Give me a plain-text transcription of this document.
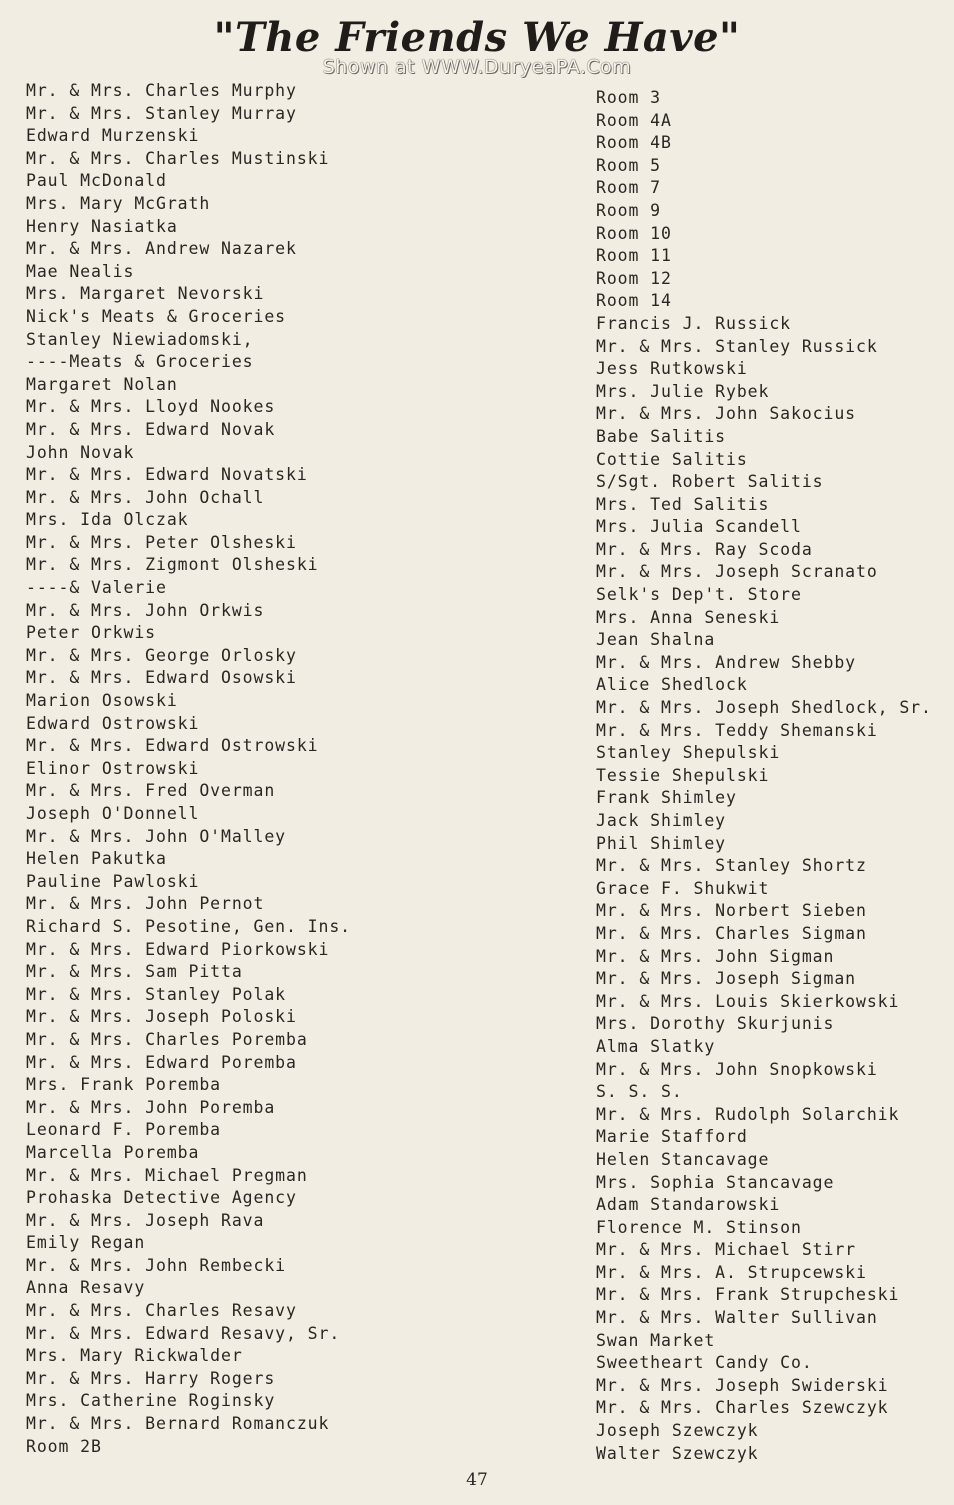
"The Friends We Have"
Shown at WWW.DuryeaPA.Com
Mr. & Mrs. Charles Murphy
Mr. & Mrs. Stanley Murray
Edward Murzenski
Mr. & Mrs. Charles Mustinski
Paul McDonald
Mrs. Mary McGrath
Henry Nasiatka
Mr. & Mrs. Andrew Nazarek
Mae Nealis
Mrs. Margaret Nevorski
Nick's Meats & Groceries
Stanley Niewiadomski,
----Meats & Groceries
Margaret Nolan
Mr. & Mrs. Lloyd Nookes
Mr. & Mrs. Edward Novak
John Novak
Mr. & Mrs. Edward Novatski
Mr. & Mrs. John Ochall
Mrs. Ida Olczak
Mr. & Mrs. Peter Olsheski
Mr. & Mrs. Zigmont Olsheski
----& Valerie
Mr. & Mrs. John Orkwis
Peter Orkwis
Mr. & Mrs. George Orlosky
Mr. & Mrs. Edward Osowski
Marion Osowski
Edward Ostrowski
Mr. & Mrs. Edward Ostrowski
Elinor Ostrowski
Mr. & Mrs. Fred Overman
Joseph O'Donnell
Mr. & Mrs. John O'Malley
Helen Pakutka
Pauline Pawloski
Mr. & Mrs. John Pernot
Richard S. Pesotine, Gen. Ins.
Mr. & Mrs. Edward Piorkowski
Mr. & Mrs. Sam Pitta
Mr. & Mrs. Stanley Polak
Mr. & Mrs. Joseph Poloski
Mr. & Mrs. Charles Poremba
Mr. & Mrs. Edward Poremba
Mrs. Frank Poremba
Mr. & Mrs. John Poremba
Leonard F. Poremba
Marcella Poremba
Mr. & Mrs. Michael Pregman
Prohaska Detective Agency
Mr. & Mrs. Joseph Rava
Emily Regan
Mr. & Mrs. John Rembecki
Anna Resavy
Mr. & Mrs. Charles Resavy
Mr. & Mrs. Edward Resavy, Sr.
Mrs. Mary Rickwalder
Mr. & Mrs. Harry Rogers
Mrs. Catherine Roginsky
Mr. & Mrs. Bernard Romanczuk
Room 2B
Room 3
Room 4A
Room 4B
Room 5
Room 7
Room 9
Room 10
Room 11
Room 12
Room 14
Francis J. Russick
Mr. & Mrs. Stanley Russick
Jess Rutkowski
Mrs. Julie Rybek
Mr. & Mrs. John Sakocius
Babe Salitis
Cottie Salitis
S/Sgt. Robert Salitis
Mrs. Ted Salitis
Mrs. Julia Scandell
Mr. & Mrs. Ray Scoda
Mr. & Mrs. Joseph Scranato
Selk's Dep't. Store
Mrs. Anna Seneski
Jean Shalna
Mr. & Mrs. Andrew Shebby
Alice Shedlock
Mr. & Mrs. Joseph Shedlock, Sr.
Mr. & Mrs. Teddy Shemanski
Stanley Shepulski
Tessie Shepulski
Frank Shimley
Jack Shimley
Phil Shimley
Mr. & Mrs. Stanley Shortz
Grace F. Shukwit
Mr. & Mrs. Norbert Sieben
Mr. & Mrs. Charles Sigman
Mr. & Mrs. John Sigman
Mr. & Mrs. Joseph Sigman
Mr. & Mrs. Louis Skierkowski
Mrs. Dorothy Skurjunis
Alma Slatky
Mr. & Mrs. John Snopkowski
S. S. S.
Mr. & Mrs. Rudolph Solarchik
Marie Stafford
Helen Stancavage
Mrs. Sophia Stancavage
Adam Standarowski
Florence M. Stinson
Mr. & Mrs. Michael Stirr
Mr. & Mrs. A. Strupcewski
Mr. & Mrs. Frank Strupcheski
Mr. & Mrs. Walter Sullivan
Swan Market
Sweetheart Candy Co.
Mr. & Mrs. Joseph Swiderski
Mr. & Mrs. Charles Szewczyk
Joseph Szewczyk
Walter Szewczyk
47
